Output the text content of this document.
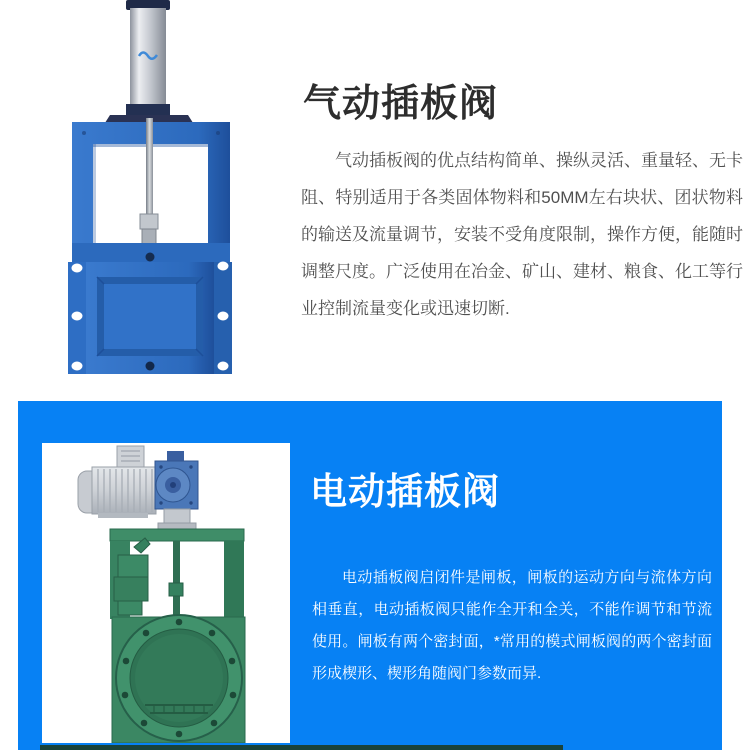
气动插板阀

气动插板阀的优点结构简单、操纵灵活、重量轻、无卡阻、特别适用于各类固体物料和50MM左右块状、团状物料的输送及流量调节，安装不受角度限制，操作方便，能随时调整尺度。广泛使用在冶金、矿山、建材、粮食、化工等行业控制流量变化或迅速切断.

电动插板阀

电动插板阀启闭件是闸板，闸板的运动方向与流体方向相垂直，电动插板阀只能作全开和全关，不能作调节和节流使用。闸板有两个密封面，*常用的模式闸板阀的两个密封面形成楔形、楔形角随阀门参数而异.
